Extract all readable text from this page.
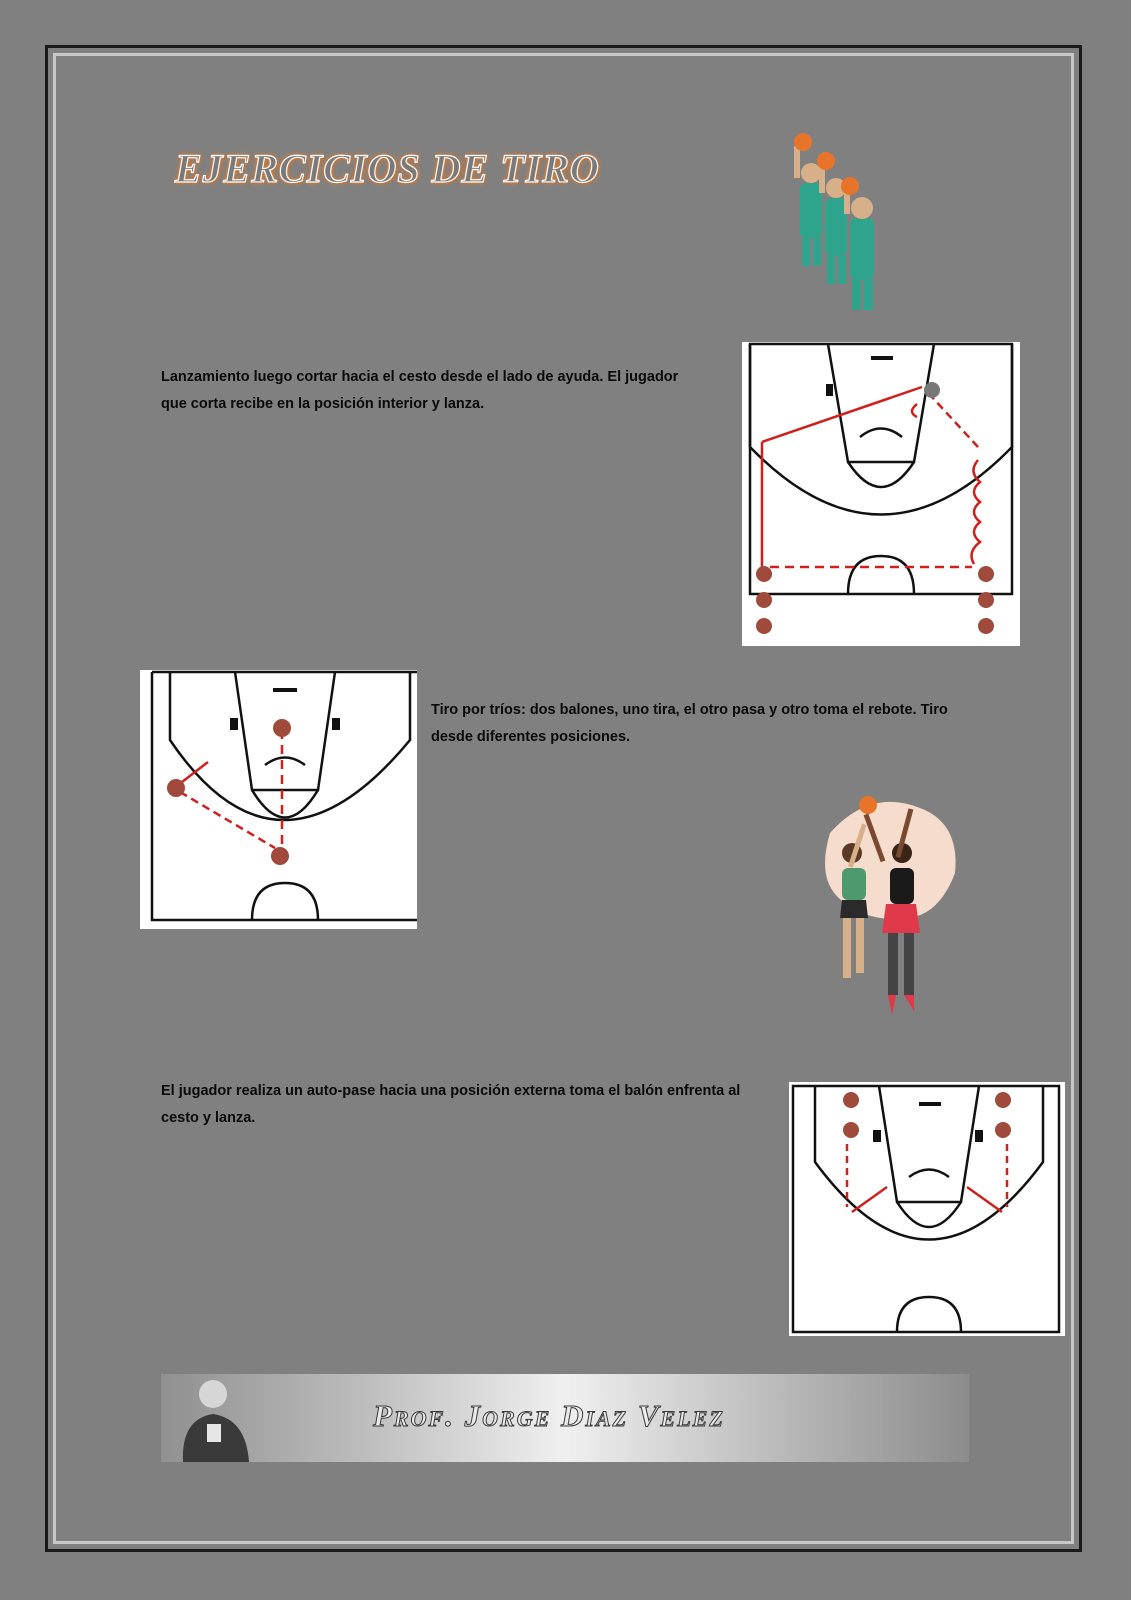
EJERCICIOS DE TIRO
Lanzamiento luego cortar hacia el cesto desde el lado de ayuda. El jugador que corta recibe en la posición interior y lanza.
Tiro por tríos: dos balones, uno tira, el otro pasa y otro toma el rebote. Tiro desde diferentes posiciones.
El jugador realiza un auto-pase hacia una posición externa toma el balón enfrenta al cesto y lanza.
Prof. Jorge Diaz Velez
